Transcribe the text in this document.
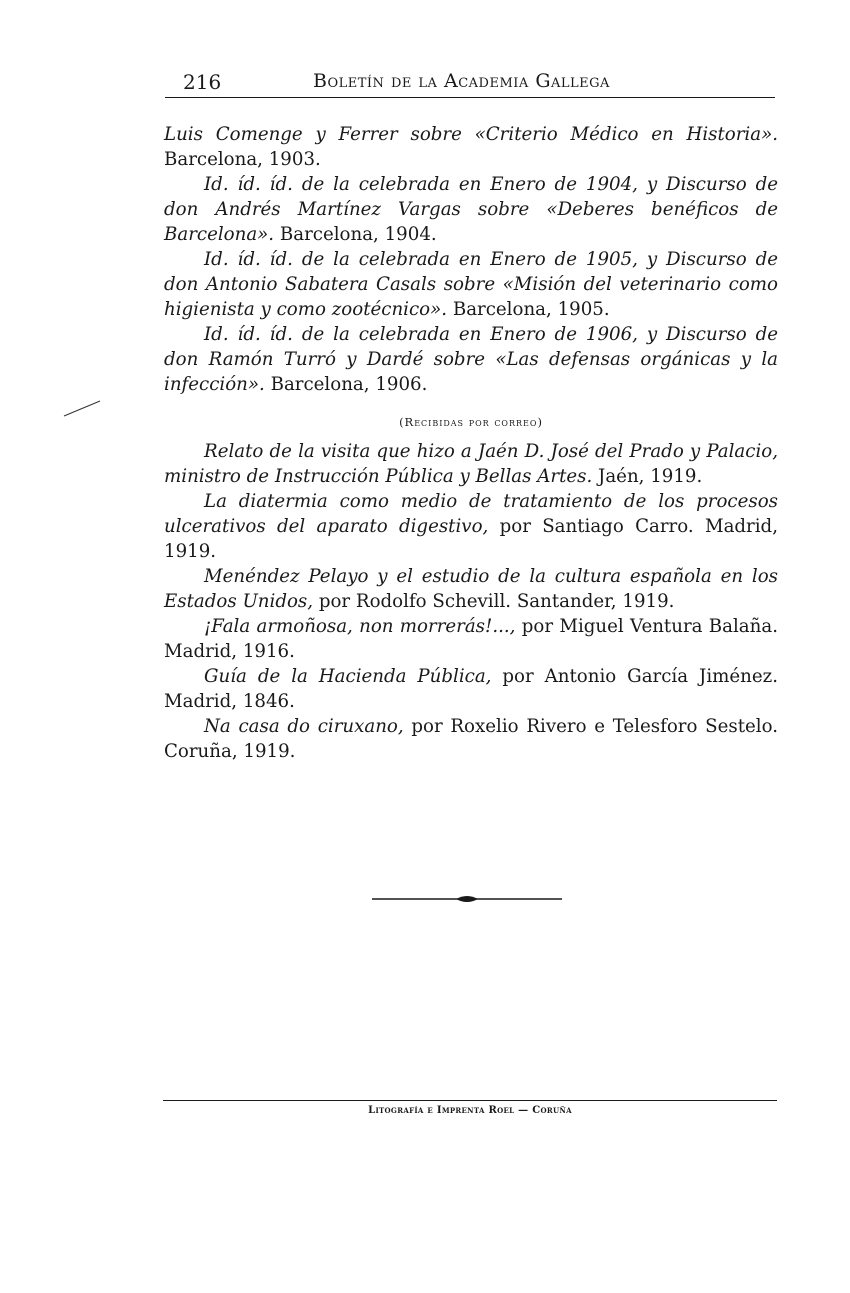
216	Boletín de la Academia Gallega

Luis Comenge y Ferrer sobre «Criterio Médico en Historia». Barcelona, 1903.

Id. íd. íd. de la celebrada en Enero de 1904, y Discurso de don Andrés Martínez Vargas sobre «Deberes benéficos de Barcelona». Barcelona, 1904.

Id. íd. íd. de la celebrada en Enero de 1905, y Discurso de don Antonio Sabatera Casals sobre «Misión del veterinario como higienista y como zootécnico». Barcelona, 1905.

Id. íd. íd. de la celebrada en Enero de 1906, y Discurso de don Ramón Turró y Dardé sobre «Las defensas orgánicas y la infección». Barcelona, 1906.

(Recibidas por correo)

Relato de la visita que hizo a Jaén D. José del Prado y Palacio, ministro de Instrucción Pública y Bellas Artes. Jaén, 1919.

La diatermia como medio de tratamiento de los procesos ulcerativos del aparato digestivo, por Santiago Carro. Madrid, 1919.

Menéndez Pelayo y el estudio de la cultura española en los Estados Unidos, por Rodolfo Schevill. Santander, 1919.

¡Fala armoñosa, non morrerás!..., por Miguel Ventura Balaña. Madrid, 1916.

Guía de la Hacienda Pública, por Antonio García Jiménez. Madrid, 1846.

Na casa do ciruxano, por Roxelio Rivero e Telesforo Sestelo. Coruña, 1919.

Litografía e Imprenta Roel — Coruña
